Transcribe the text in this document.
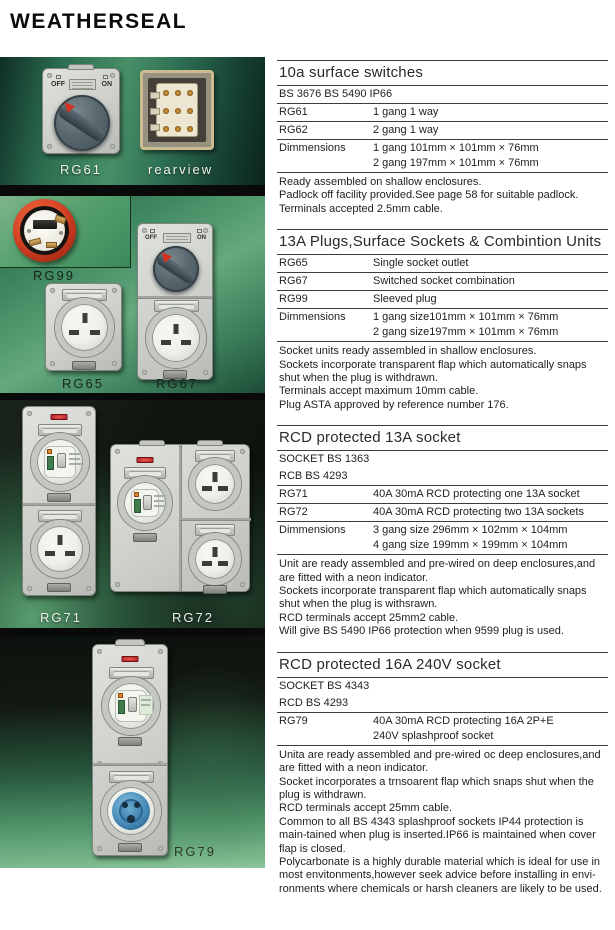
WEATHERSEAL
OFF	ON
RG61	rearview
RG99
OFF	ON
RG65	RG67
RG71	RG72
RG79
10a surface switches
BS 3676 BS 5490 IP66
RG61	1 gang 1 way
RG62	2 gang 1 way
Dimmensions	1 gang 101mm × 101mm × 76mm
2 gang 197mm × 101mm × 76mm
Ready assembled on shallow enclosures.
Padlock off facility provided.See page 58 for suitable padlock.
Terminals accepted 2.5mm cable.
13A Plugs,Surface Sockets & Combintion Units
RG65	Single socket outlet
RG67	Switched socket combination
RG99	Sleeved plug
Dimmensions	1 gang size101mm × 101mm × 76mm
2 gang size197mm × 101mm × 76mm
Socket units ready assembled in shallow enclosures.
Sockets incorporate transparent flap which automatically snaps shut when the plug is withdrawn.
Terminals accept maximum 10mm cable.
Plug ASTA approved by reference number 176.
RCD protected 13A socket
SOCKET BS 1363
RCB BS 4293
RG71	40A 30mA RCD protecting one 13A socket
RG72	40A 30mA RCD protecting two 13A sockets
Dimmensions	3 gang size 296mm × 102mm × 104mm
4 gang size 199mm × 199mm × 104mm
Unit are ready assembled and pre-wired on deep enclosures,and are fitted with a neon indicator.
Sockets incorporate transparent flap which automatically snaps shut when the plug is withsrawn.
RCD terminals accept 25mm2 cable.
Will give BS 5490 IP66 protection when 9599 plug is used.
RCD protected 16A 240V socket
SOCKET BS 4343
RCD BS 4293
RG79	40A 30mA RCD protecting 16A 2P+E
240V splashproof socket
Unita are ready assembled and pre-wired oc deep enclosures,and are fitted with a neon indicator.
Socket incorporates a trnsoarent flap which snaps shut when the plug is withdrawn.
RCD terminals accept 25mm cable.
Common to all BS 4343 splashproof sockets IP44 protection is main-tained when plug is inserted.IP66 is maintained when cover flap is closed.
Polycarbonate is a highly durable material which is ideal for use in most envitonments,however seek advice before installing in envi-ronments where chemicals or harsh cleaners are likely to be used.
